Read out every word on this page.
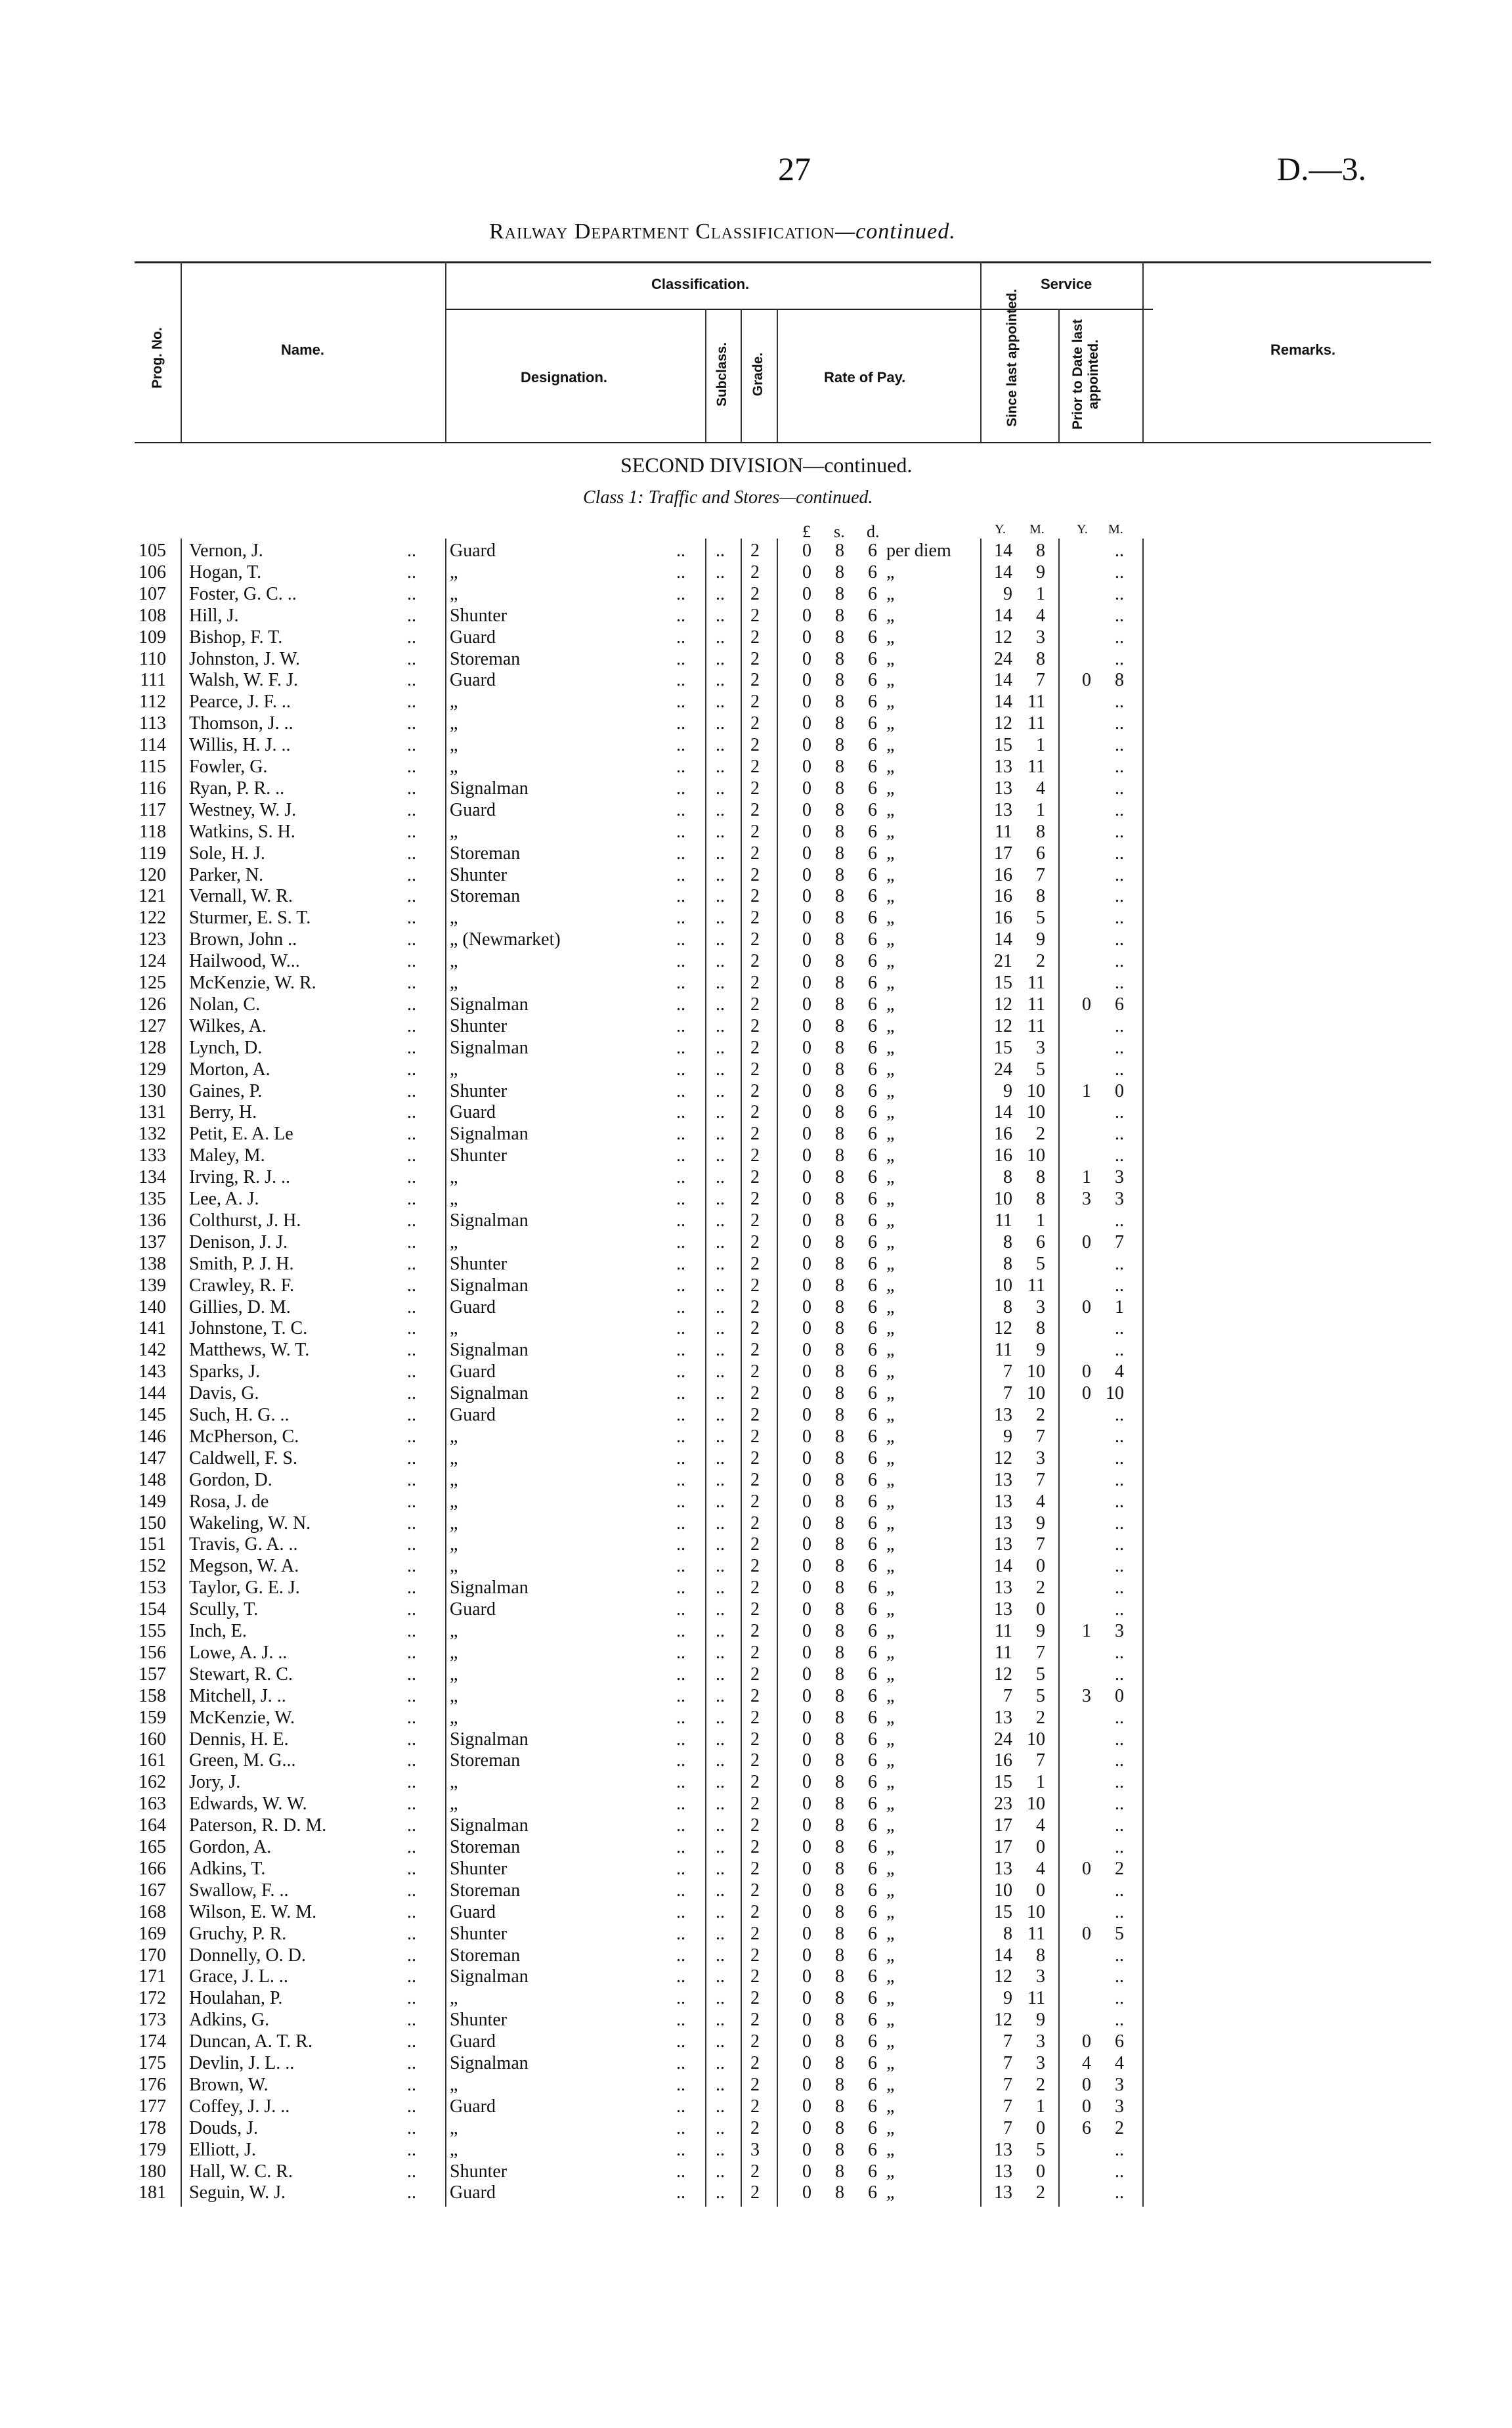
27	D.—3.
Railway Department Classification—continued.
Classification.	Service
Name.
Designation.	Rate of Pay.
Remarks.
Prog. No.	Subclass. Grade.	Since last appointed.	Prior to Date last appointed.
SECOND DIVISION—continued.
Class 1: Traffic and Stores—continued.
£ s. d.	Y. M. Y. M.
105 Vernon, J.	.. Guard	.. .. 2 0 8 6 per diem	14	8	..
106 Hogan, T.	.. „	.. .. 2 0 8 6 „	14	9	..
107 Foster, G. C. ..	.. „	.. .. 2 0 8 6 „	9	1	..
108 Hill, J.	.. Shunter	.. .. 2 0 8 6 „	14	4	..
109 Bishop, F. T.	.. Guard	.. .. 2 0 8 6 „	12	3	..
110 Johnston, J. W.	.. Storeman	.. .. 2 0 8 6 „	24	8	..
111 Walsh, W. F. J.	.. Guard	.. .. 2 0 8 6 „	14	7	0	8
112 Pearce, J. F. ..	.. „	.. .. 2 0 8 6 „	14 11	..
113 Thomson, J. ..	.. „	.. .. 2 0 8 6 „	12 11	..
114 Willis, H. J. ..	.. „	.. .. 2 0 8 6 „	15	1	..
115 Fowler, G.	.. „	.. .. 2 0 8 6 „	13 11	..
116 Ryan, P. R. ..	.. Signalman	.. .. 2 0 8 6 „	13	4	..
117 Westney, W. J.	.. Guard	.. .. 2 0 8 6 „	13	1	..
118 Watkins, S. H.	.. „	.. .. 2 0 8 6 „	11	8	..
119 Sole, H. J.	.. Storeman	.. .. 2 0 8 6 „	17	6	..
120 Parker, N.	.. Shunter	.. .. 2 0 8 6 „	16	7	..
121 Vernall, W. R.	.. Storeman	.. .. 2 0 8 6 „	16	8	..
122 Sturmer, E. S. T.	.. „	.. .. 2 0 8 6 „	16	5	..
123 Brown, John ..	.. „ (Newmarket)	.. .. 2 0 8 6 „	14	9	..
124 Hailwood, W...	.. „	.. .. 2 0 8 6 „	21	2	..
125 McKenzie, W. R.	.. „	.. .. 2 0 8 6 „	15 11	..
126 Nolan, C.	.. Signalman	.. .. 2 0 8 6 „	12 11	0	6
127 Wilkes, A.	.. Shunter	.. .. 2 0 8 6 „	12 11	..
128 Lynch, D.	.. Signalman	.. .. 2 0 8 6 „	15	3	..
129 Morton, A.	.. „	.. .. 2 0 8 6 „	24	5	..
130 Gaines, P.	.. Shunter	.. .. 2 0 8 6 „	9 10	1	0
131 Berry, H.	.. Guard	.. .. 2 0 8 6 „	14 10	..
132 Petit, E. A. Le	.. Signalman	.. .. 2 0 8 6 „	16	2	..
133 Maley, M.	.. Shunter	.. .. 2 0 8 6 „	16 10	..
134 Irving, R. J. ..	.. „	.. .. 2 0 8 6 „	8	8	1	3
135 Lee, A. J.	.. „	.. .. 2 0 8 6 „	10	8	3	3
136 Colthurst, J. H.	.. Signalman	.. .. 2 0 8 6 „	11	1	..
137 Denison, J. J.	.. „	.. .. 2 0 8 6 „	8	6	0	7
138 Smith, P. J. H.	.. Shunter	.. .. 2 0 8 6 „	8	5	..
139 Crawley, R. F.	.. Signalman	.. .. 2 0 8 6 „	10 11	..
140 Gillies, D. M.	.. Guard	.. .. 2 0 8 6 „	8	3	0	1
141 Johnstone, T. C.	.. „	.. .. 2 0 8 6 „	12	8	..
142 Matthews, W. T.	.. Signalman	.. .. 2 0 8 6 „	11	9	..
143 Sparks, J.	.. Guard	.. .. 2 0 8 6 „	7 10	0	4
144 Davis, G.	.. Signalman	.. .. 2 0 8 6 „	7 10	0 10
145 Such, H. G. ..	.. Guard	.. .. 2 0 8 6 „	13	2	..
146 McPherson, C.	.. „	.. .. 2 0 8 6 „	9	7	..
147 Caldwell, F. S.	.. „	.. .. 2 0 8 6 „	12	3	..
148 Gordon, D.	.. „	.. .. 2 0 8 6 „	13	7	..
149 Rosa, J. de	.. „	.. .. 2 0 8 6 „	13	4	..
150 Wakeling, W. N.	.. „	.. .. 2 0 8 6 „	13	9	..
151 Travis, G. A. ..	.. „	.. .. 2 0 8 6 „	13	7	..
152 Megson, W. A.	.. „	.. .. 2 0 8 6 „	14	0	..
153 Taylor, G. E. J.	.. Signalman	.. .. 2 0 8 6 „	13	2	..
154 Scully, T.	.. Guard	.. .. 2 0 8 6 „	13	0	..
155 Inch, E.	.. „	.. .. 2 0 8 6 „	11	9	1	3
156 Lowe, A. J. ..	.. „	.. .. 2 0 8 6 „	11	7	..
157 Stewart, R. C.	.. „	.. .. 2 0 8 6 „	12	5	..
158 Mitchell, J. ..	.. „	.. .. 2 0 8 6 „	7	5	3	0
159 McKenzie, W.	.. „	.. .. 2 0 8 6 „	13	2	..
160 Dennis, H. E.	.. Signalman	.. .. 2 0 8 6 „	24 10	..
161 Green, M. G...	.. Storeman	.. .. 2 0 8 6 „	16	7	..
162 Jory, J.	.. „	.. .. 2 0 8 6 „	15	1	..
163 Edwards, W. W.	.. „	.. .. 2 0 8 6 „	23 10	..
164 Paterson, R. D. M.	.. Signalman	.. .. 2 0 8 6 „	17	4	..
165 Gordon, A.	.. Storeman	.. .. 2 0 8 6 „	17	0	..
166 Adkins, T.	.. Shunter	.. .. 2 0 8 6 „	13	4	0	2
167 Swallow, F. ..	.. Storeman	.. .. 2 0 8 6 „	10	0	..
168 Wilson, E. W. M.	.. Guard	.. .. 2 0 8 6 „	15 10	..
169 Gruchy, P. R.	.. Shunter	.. .. 2 0 8 6 „	8 11	0	5
170 Donnelly, O. D.	.. Storeman	.. .. 2 0 8 6 „	14	8	..
171 Grace, J. L. ..	.. Signalman	.. .. 2 0 8 6 „	12	3	..
172 Houlahan, P.	.. „	.. .. 2 0 8 6 „	9 11	..
173 Adkins, G.	.. Shunter	.. .. 2 0 8 6 „	12	9	..
174 Duncan, A. T. R.	.. Guard	.. .. 2 0 8 6 „	7	3	0	6
175 Devlin, J. L. ..	.. Signalman	.. .. 2 0 8 6 „	7	3	4	4
176 Brown, W.	.. „	.. .. 2 0 8 6 „	7	2	0	3
177 Coffey, J. J. ..	.. Guard	.. .. 2 0 8 6 „	7	1	0	3
178 Douds, J.	.. „	.. .. 2 0 8 6 „	7	0	6	2
179 Elliott, J.	.. „	.. .. 3 0 8 6 „	13	5	..
180 Hall, W. C. R.	.. Shunter	.. .. 2 0 8 6 „	13	0	..
181 Seguin, W. J.	.. Guard	.. .. 2 0 8 6 „	13	2	..
